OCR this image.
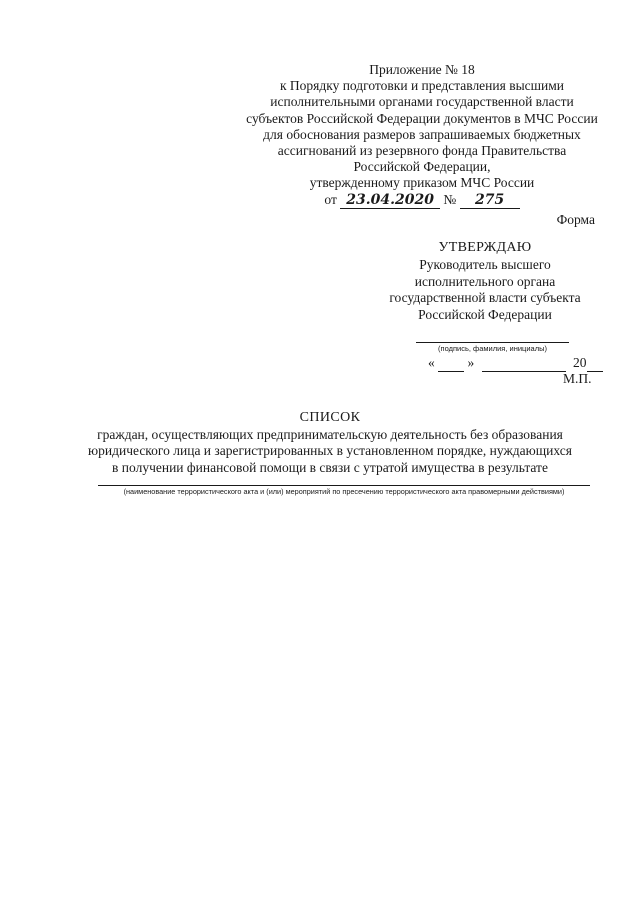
Приложение № 18
к Порядку подготовки и представления высшими
исполнительными органами государственной власти
субъектов Российской Федерации документов в МЧС России
для обоснования размеров запрашиваемых бюджетных
ассигнований из резервного фонда Правительства
Российской Федерации,
утвержденному приказом МЧС России
от 23.04.2020 № 275
Форма
УТВЕРЖДАЮ
Руководитель высшего
исполнительного органа
государственной власти субъекта
Российской Федерации
(подпись, фамилия, инициалы)
« »	20
М.П.
СПИСОК
граждан, осуществляющих предпринимательскую деятельность без образования
юридического лица и зарегистрированных в установленном порядке, нуждающихся
в получении финансовой помощи в связи с утратой имущества в результате
(наименование террористического акта и (или) мероприятий по пресечению террористического акта правомерными действиями)
